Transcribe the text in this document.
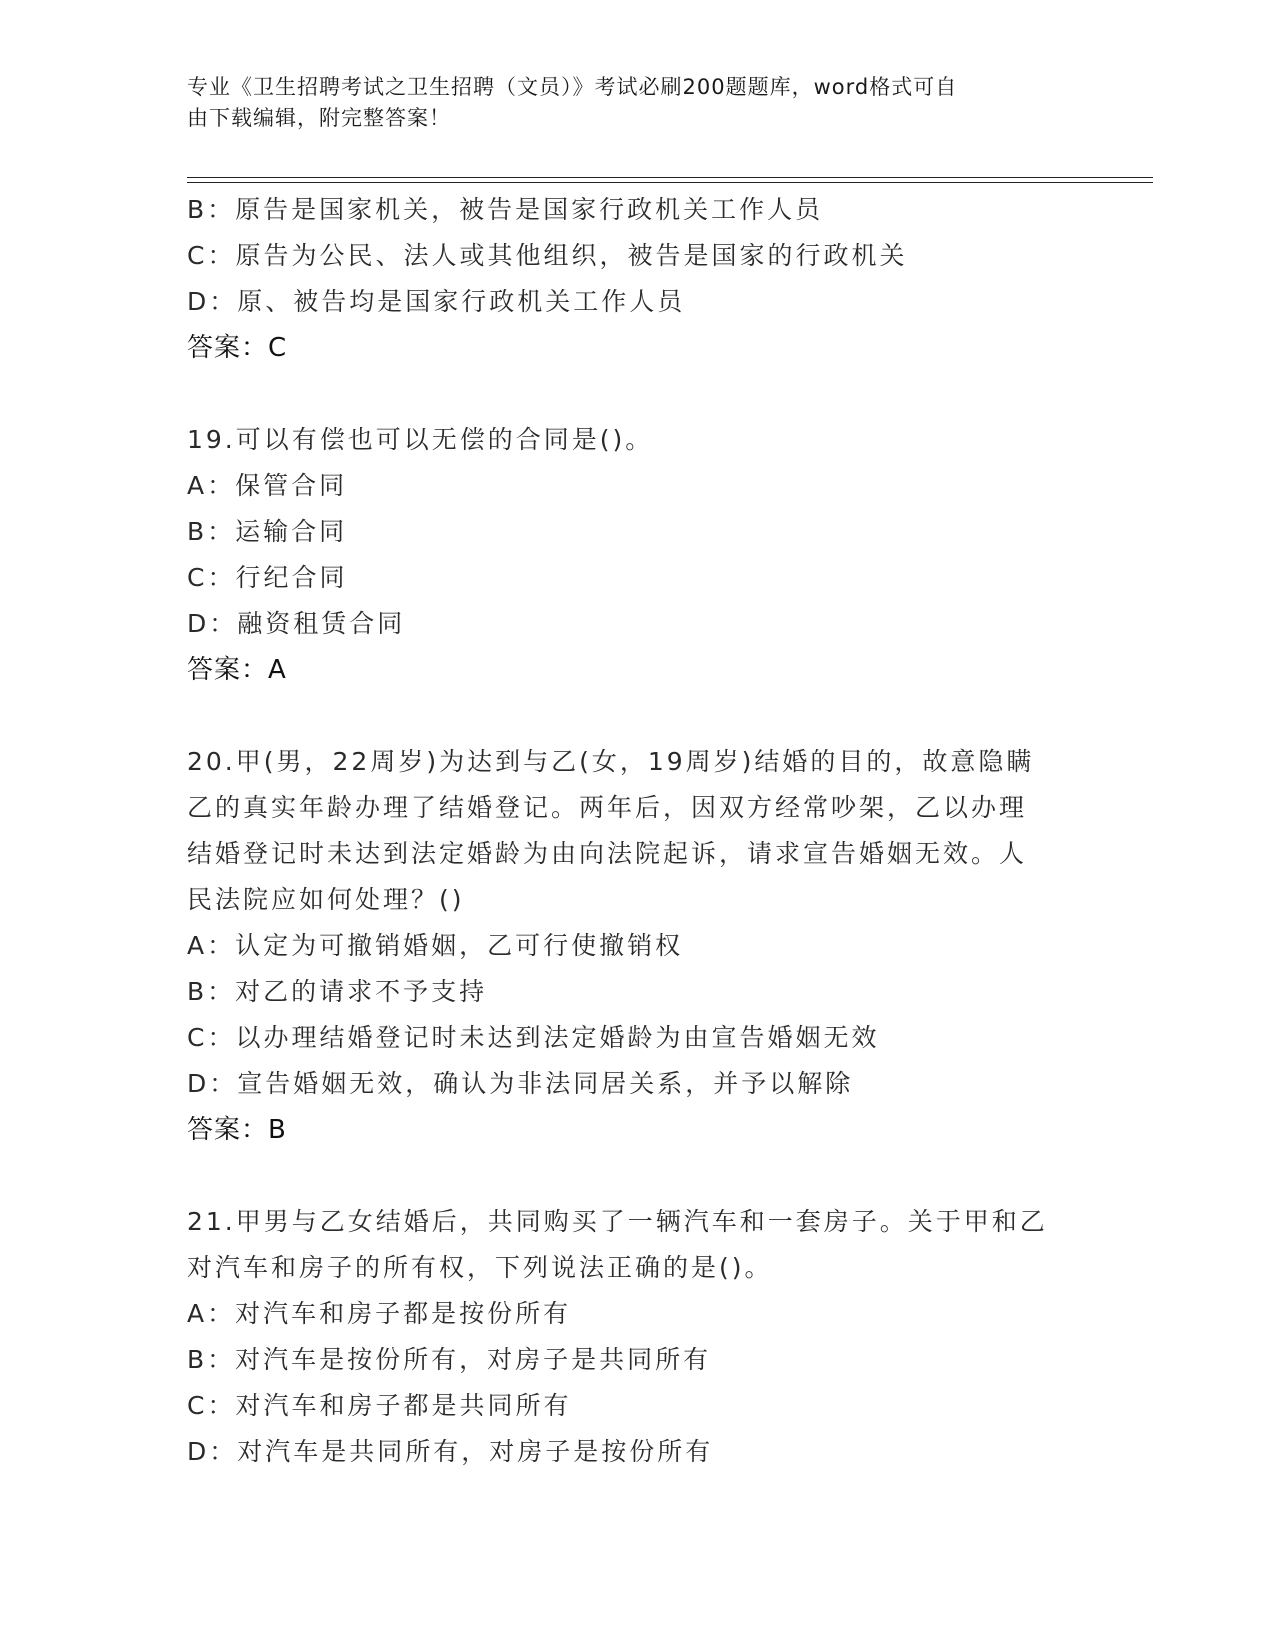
专业《卫生招聘考试之卫生招聘（文员）》考试必刷200题题库，word格式可自
由下载编辑，附完整答案！
B：原告是国家机关，被告是国家行政机关工作人员
C：原告为公民、法人或其他组织，被告是国家的行政机关
D：原、被告均是国家行政机关工作人员
答案：C
19.可以有偿也可以无偿的合同是()。
A：保管合同
B：运输合同
C：行纪合同
D：融资租赁合同
答案：A
20.甲(男，22周岁)为达到与乙(女，19周岁)结婚的目的，故意隐瞒
乙的真实年龄办理了结婚登记。两年后，因双方经常吵架，乙以办理
结婚登记时未达到法定婚龄为由向法院起诉，请求宣告婚姻无效。人
民法院应如何处理？()
A：认定为可撤销婚姻，乙可行使撤销权
B：对乙的请求不予支持
C：以办理结婚登记时未达到法定婚龄为由宣告婚姻无效
D：宣告婚姻无效，确认为非法同居关系，并予以解除
答案：B
21.甲男与乙女结婚后，共同购买了一辆汽车和一套房子。关于甲和乙
对汽车和房子的所有权，下列说法正确的是()。
A：对汽车和房子都是按份所有
B：对汽车是按份所有，对房子是共同所有
C：对汽车和房子都是共同所有
D：对汽车是共同所有，对房子是按份所有
